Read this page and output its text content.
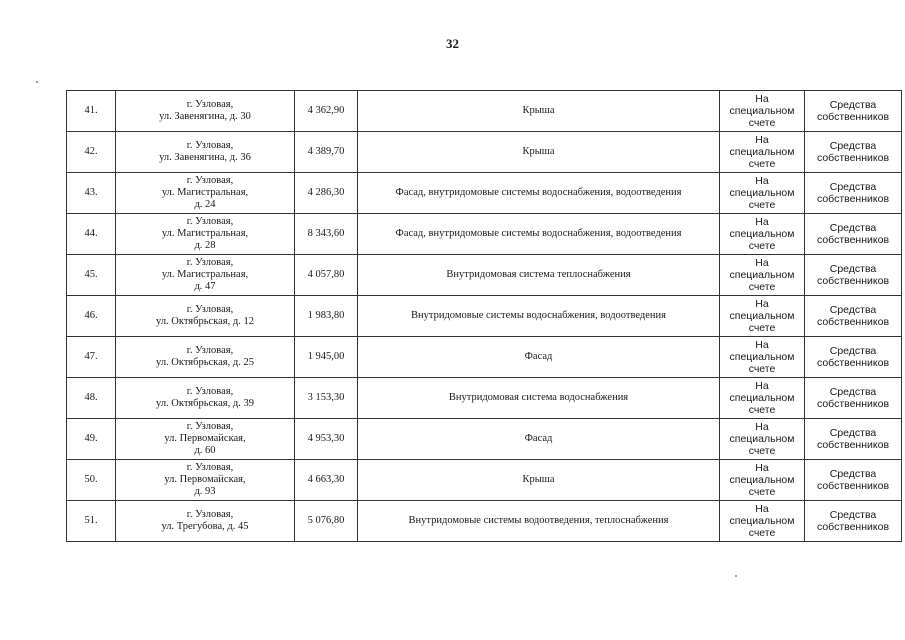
32
41.	г. Узловая,
ул. Завенягина, д. 30	4 362,90	Крыша	На
специальном
счете	Средства
собственников

42.	г. Узловая,
ул. Завенягина, д. 36	4 389,70	Крыша	На
специальном
счете	Средства
собственников

43.	г. Узловая,
ул. Магистральная,
д. 24	4 286,30	Фасад, внутридомовые системы водоснабжения, водоотведения	На
специальном
счете	Средства
собственников

44.	г. Узловая,
ул. Магистральная,
д. 28	8 343,60	Фасад, внутридомовые системы водоснабжения, водоотведения	На
специальном
счете	Средства
собственников

45.	г. Узловая,
ул. Магистральная,
д. 47	4 057,80	Внутридомовая система теплоснабжения	На
специальном
счете	Средства
собственников

46.	г. Узловая,
ул. Октябрьская, д. 12	1 983,80	Внутридомовые системы водоснабжения, водоотведения	На
специальном
счете	Средства
собственников

47.	г. Узловая,
ул. Октябрьская, д. 25	1 945,00	Фасад	На
специальном
счете	Средства
собственников

48.	г. Узловая,
ул. Октябрьская, д. 39	3 153,30	Внутридомовая система водоснабжения	На
специальном
счете	Средства
собственников

49.	г. Узловая,
ул. Первомайская,
д. 60	4 953,30	Фасад	На
специальном
счете	Средства
собственников

50.	г. Узловая,
ул. Первомайская,
д. 93	4 663,30	Крыша	На
специальном
счете	Средства
собственников

51.	г. Узловая,
ул. Трегубова, д. 45	5 076,80	Внутридомовые системы водоотведения, теплоснабжения	На
специальном
счете	Средства
собственников
